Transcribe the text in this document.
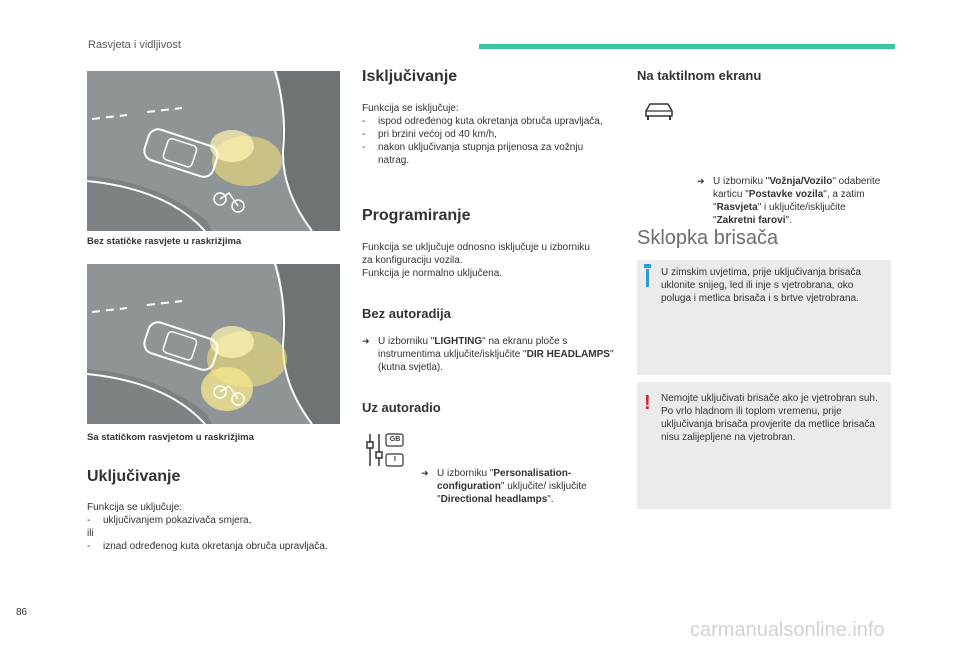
Rasvjeta i vidljivost
Bez statičke rasvjete u raskrižjima
Sa statičkom rasvjetom u raskrižjima
Uključivanje

Funkcija se uključuje:

- uključivanjem pokazivača smjera,

ili

- iznad određenog kuta okretanja obruča upravljača.
Isključivanje

Funkcija se isključuje:

- ispod određenog kuta okretanja obruča upravljača,
- pri brzini većoj od 40 km/h,
- nakon uključivanja stupnja prijenosa za vožnju natrag.
Programiranje

Funkcija se uključuje odnosno isključuje u izborniku za konfiguraciju vozila.

Funkcija je normalno uključena.

Bez autoradija
➜ U izborniku "LIGHTING" na ekranu ploče s instrumentima uključite/isključite "DIR HEADLAMPS" (kutna svjetla).
Uz autoradio
GB
I
➜ U izborniku "Personalisation-configuration" uključite/ isključite "Directional headlamps".
Na taktilnom ekranu
➜ U izborniku "Vožnja/Vozilo" odaberite karticu "Postavke vozila", a zatim "Rasvjeta" i uključite/isključite "Zakretni farovi".
Sklopka brisača
U zimskim uvjetima, prije uključivanja brisača uklonite snijeg, led ili inje s vjetrobrana, oko poluga i metlica brisača i s brtve vjetrobrana.
! Nemojte uključivati brisače ako je vjetrobran suh. Po vrlo hladnom ili toplom vremenu, prije uključivanja brisača provjerite da metlice brisača nisu zalijepljene na vjetrobran.
86
carmanualsonline.info
